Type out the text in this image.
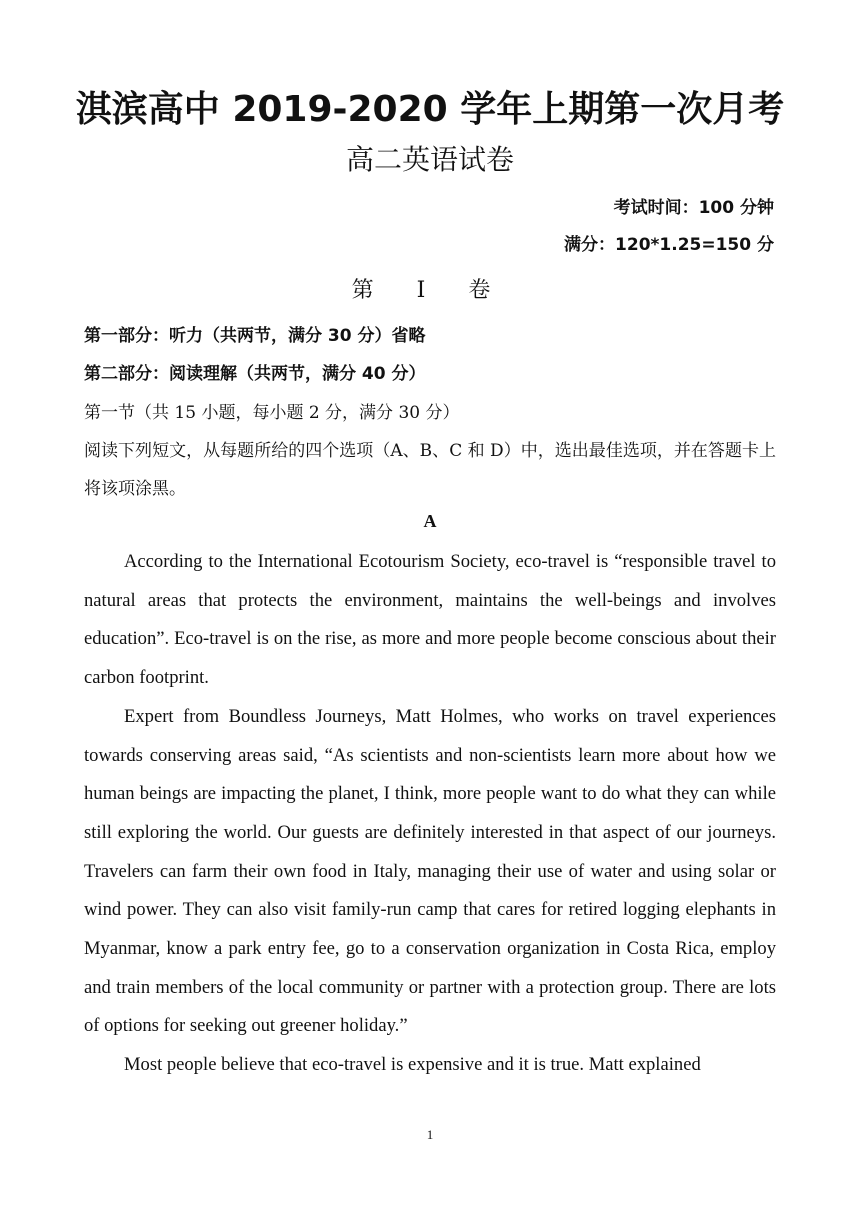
淇滨高中 2019-2020 学年上期第一次月考
高二英语试卷
考试时间：100 分钟
满分：120*1.25=150 分
第 Ⅰ 卷
第一部分：听力（共两节，满分 30 分）省略
第二部分：阅读理解（共两节，满分 40 分）
第一节（共 15 小题，每小题 2 分，满分 30 分）
阅读下列短文，从每题所给的四个选项（A、B、C 和 D）中，选出最佳选项，并在答题卡上将该项涂黑。
A

According to the International Ecotourism Society, eco-travel is “responsible travel to natural areas that protects the environment, maintains the well-beings and involves education”. Eco-travel is on the rise, as more and more people become conscious about their carbon footprint.

Expert from Boundless Journeys, Matt Holmes, who works on travel experiences towards conserving areas said, “As scientists and non-scientists learn more about how we human beings are impacting the planet, I think, more people want to do what they can while still exploring the world. Our guests are definitely interested in that aspect of our journeys. Travelers can farm their own food in Italy, managing their use of water and using solar or wind power. They can also visit family-run camp that cares for retired logging elephants in Myanmar, know a park entry fee, go to a conservation organization in Costa Rica, employ and train members of the local community or partner with a protection group. There are lots of options for seeking out greener holiday.”

Most people believe that eco-travel is expensive and it is true. Matt explained

1
